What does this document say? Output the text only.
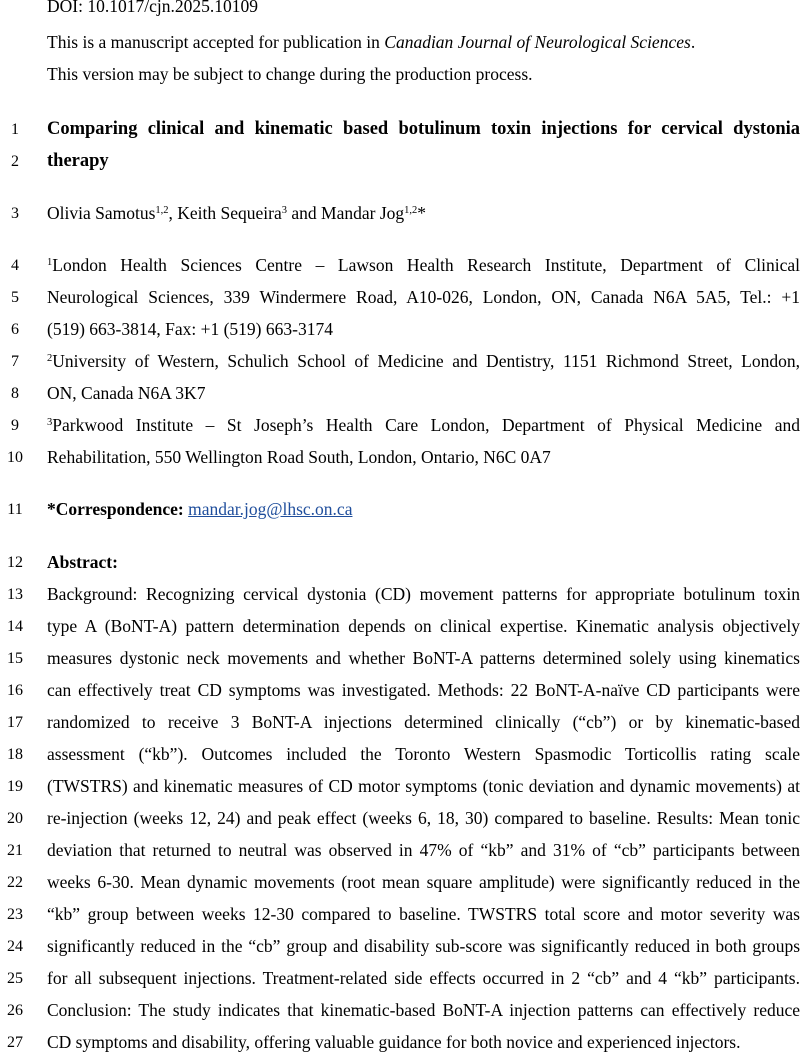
DOI: 10.1017/cjn.2025.10109
This is a manuscript accepted for publication in Canadian Journal of Neurological Sciences.
This version may be subject to change during the production process.
1
2
3
4
5
6
7
8
9
10
11
12
13
14
15
16
17
18
19
20
21
22
23
24
25
26
27
Comparing clinical and kinematic based botulinum toxin injections for cervical dystonia
therapy
Olivia Samotus$^{1,2}$, Keith Sequeira$^3$ and Mandar Jog$^{1,2}$*
$^1$London Health Sciences Centre – Lawson Health Research Institute, Department of Clinical
Neurological Sciences, 339 Windermere Road, A10-026, London, ON, Canada N6A 5A5, Tel.: +1
(519) 663-3814, Fax: +1 (519) 663-3174
$^2$University of Western, Schulich School of Medicine and Dentistry, 1151 Richmond Street, London,
ON, Canada N6A 3K7
$^3$Parkwood Institute – St Joseph’s Health Care London, Department of Physical Medicine and
Rehabilitation, 550 Wellington Road South, London, Ontario, N6C 0A7
*Correspondence: mandar.jog@lhsc.on.ca
Abstract:
Background: Recognizing cervical dystonia (CD) movement patterns for appropriate botulinum toxin
type A (BoNT-A) pattern determination depends on clinical expertise. Kinematic analysis objectively
measures dystonic neck movements and whether BoNT-A patterns determined solely using kinematics
can effectively treat CD symptoms was investigated. Methods: 22 BoNT-A-naïve CD participants were
randomized to receive 3 BoNT-A injections determined clinically (“cb”) or by kinematic-based
assessment (“kb”). Outcomes included the Toronto Western Spasmodic Torticollis rating scale
(TWSTRS) and kinematic measures of CD motor symptoms (tonic deviation and dynamic movements) at
re-injection (weeks 12, 24) and peak effect (weeks 6, 18, 30) compared to baseline. Results: Mean tonic
deviation that returned to neutral was observed in 47% of “kb” and 31% of “cb” participants between
weeks 6-30. Mean dynamic movements (root mean square amplitude) were significantly reduced in the
“kb” group between weeks 12-30 compared to baseline. TWSTRS total score and motor severity was
significantly reduced in the “cb” group and disability sub-score was significantly reduced in both groups
for all subsequent injections. Treatment-related side effects occurred in 2 “cb” and 4 “kb” participants.
Conclusion: The study indicates that kinematic-based BoNT-A injection patterns can effectively reduce
CD symptoms and disability, offering valuable guidance for both novice and experienced injectors.
